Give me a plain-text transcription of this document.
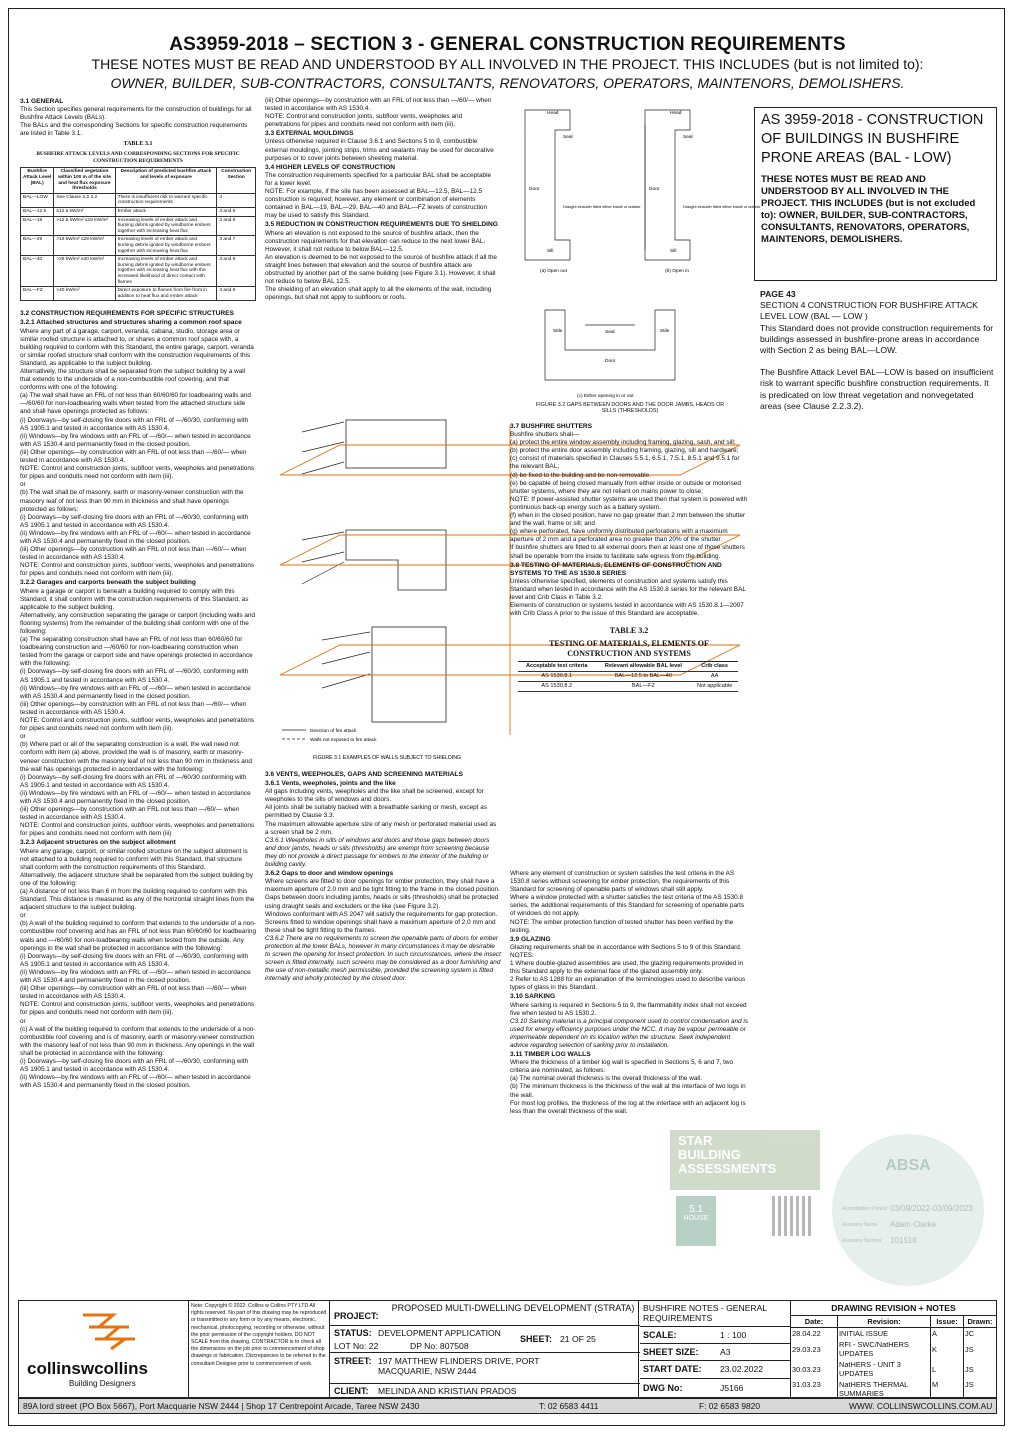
AS3959-2018 – SECTION 3 - GENERAL CONSTRUCTION REQUIREMENTS
THESE NOTES MUST BE READ AND UNDERSTOOD BY ALL INVOLVED IN THE PROJECT. THIS INCLUDES (but is not limited to):
OWNER, BUILDER, SUB-CONTRACTORS, CONSULTANTS, RENOVATORS, OPERATORS, MAINTENORS, DEMOLISHERS.
3.1 GENERAL

This Section specifies general requirements for the construction of buildings for all Bushfire Attack Levels (BALs).

The BALs and the corresponding Sections for specific construction requirements are listed in Table 3.1.

TABLE 3.1
BUSHFIRE ATTACK LEVELS AND CORRESPONDING SECTIONS FOR SPECIFIC CONSTRUCTION REQUIREMENTS
Bushfire Attack Level (BAL)	Classified vegetation within 100 m of the site and heat flux exposure thresholds	Description of predicted bushfire attack and levels of exposure	Construction Section
BAL—LOW	See Clause 2.2.3.2	There is insufficient risk to warrant specific construction requirements	4
BAL—12.5	≤12.5 kW/m²	Ember attack	3 and 5
BAL—19	>12.5 kW/m² ≤19 kW/m²	Increasing levels of ember attack and burning debris ignited by windborne embers together with increasing heat flux	3 and 6
BAL—29	>19 kW/m² ≤29 kW/m²	Increasing levels of ember attack and burning debris ignited by windborne embers together with increasing heat flux	3 and 7
BAL—40	>29 kW/m² ≤40 kW/m²	Increasing levels of ember attack and burning debris ignited by windborne embers together with increasing heat flux with the increased likelihood of direct contact with flames	3 and 8
BAL—FZ	>40 kW/m²	Direct exposure to flames from fire front in addition to heat flux and ember attack	3 and 9
3.2 CONSTRUCTION REQUIREMENTS FOR SPECIFIC STRUCTURES
3.2.1 Attached structures and structures sharing a common roof space

Where any part of a garage, carport, veranda, cabana, studio, storage area or similar roofed structure is attached to, or shares a common roof space with, a building required to conform with this Standard, the entire garage, carport, veranda or similar roofed structure shall conform with the construction requirements of this Standard, as applicable to the subject building.

Alternatively, the structure shall be separated from the subject building by a wall that extends to the underside of a non-combustible roof covering, and that conforms with one of the following:

(a) The wall shall have an FRL of not less than 60/60/60 for loadbearing walls and —/60/60 for non-loadbearing walls when tested from the attached structure side and shall have openings protected as follows:

(i) Doorways—by self-closing fire doors with an FRL of —/60/30, conforming with AS 1905.1 and tested in accordance with AS 1530.4.

(ii) Windows—by fire windows with an FRL of —/60/— when tested in accordance with AS 1530.4 and permanently fixed in the closed position.

(iii) Other openings—by construction with an FRL of not less than —/60/— when tested in accordance with AS 1530.4.

NOTE: Control and construction joints, subfloor vents, weepholes and penetrations for pipes and conduits need not conform with item (iii).

or

(b) The wall shall be of masonry, earth or masonry-veneer construction with the masonry leaf of not less than 90 mm in thickness and shall have openings protected as follows:

(i) Doorways—by self-closing fire doors with an FRL of —/60/30, conforming with AS 1905.1 and tested in accordance with AS 1530.4.

(ii) Windows—by fire windows with an FRL of —/60/— when tested in accordance with AS 1530.4 and permanently fixed in the closed position.

(iii) Other openings—by construction with an FRL of not less than —/60/— when tested in accordance with AS 1530.4.

NOTE: Control and construction joints, subfloor vents, weepholes and penetrations for pipes and conduits need not conform with item (iii).

3.2.2 Garages and carports beneath the subject building

Where a garage or carport is beneath a building required to comply with this Standard, it shall conform with the construction requirements of this Standard, as applicable to the subject building.

Alternatively, any construction separating the garage or carport (including walls and flooring systems) from the remainder of the building shall conform with one of the following:

(a) The separating construction shall have an FRL of not less than 60/60/60 for loadbearing construction and —/60/60 for non-loadbearing construction when tested from the garage or carport side and have openings protected in accordance with the following:

(i) Doorways—by self-closing fire doors with an FRL of —/60/30, conforming with AS 1905.1 and tested in accordance with AS 1530.4.

(ii) Windows—by fire windows with an FRL of —/60/— when tested in accordance with AS 1530.4 and permanently fixed in the closed position.

(iii) Other openings—by construction with an FRL of not less than —/60/— when tested in accordance with AS 1530.4.

NOTE: Control and construction joints, subfloor vents, weepholes and penetrations for pipes and conduits need not conform with item (iii).

or

(b) Where part or all of the separating construction is a wall, the wall need not conform with item (a) above, provided the wall is of masonry, earth or masonry-veneer construction with the masonry leaf of not less than 90 mm in thickness and the wall has openings protected in accordance with the following:

(i) Doorways—by self-closing fire doors with an FRL of —/60/30 conforming with AS 1905.1 and tested in accordance with AS 1530.4.

(ii) Windows—by fire windows with an FRL of —/60/— when tested in accordance with AS 1530.4 and permanently fixed in the closed position.

(iii) Other openings—by construction with an FRL not less than —/60/— when tested in accordance with AS 1530.4.

NOTE: Control and construction joints, subfloor vents, weepholes and penetrations for pipes and conduits need not conform with item (iii)

3.2.3 Adjacent structures on the subject allotment

Where any garage, carport, or similar roofed structure on the subject allotment is not attached to a building required to conform with this Standard, that structure shall conform with the construction requirements of this Standard.

Alternatively, the adjacent structure shall be separated from the subject building by one of the following:

(a) A distance of not less than 6 m from the building required to conform with this Standard. This distance is measured as any of the horizontal straight lines from the adjacent structure to the subject building.

or

(b) A wall of the building required to conform that extends to the underside of a non-combustible roof covering and has an FRL of not less than 60/60/60 for loadbearing walls and —/60/60 for non-loadbearing walls when tested from the outside. Any openings in the wall shall be protected in accordance with the following:

(i) Doorways—by self-closing fire doors with an FRL of —/60/30, conforming with AS 1905.1 and tested in accordance with AS 1530.4.

(ii) Windows—by fire windows with an FRL of —/60/— when tested in accordance with AS 1530.4 and permanently fixed in the closed position.

(iii) Other openings—by construction with an FRL of not less than —/60/— when tested in accordance with AS 1530.4.

NOTE: Control and construction joints, subfloor vents, weepholes and penetrations for pipes and conduits need not conform with item (iii).

or

(c) A wall of the building required to conform that extends to the underside of a non-combustible roof covering and is of masonry, earth or masonry-veneer construction with the masonry leaf of not less than 90 mm in thickness. Any openings in the wall shall be protected in accordance with the following:

(i) Doorways—by self-closing fire doors with an FRL of —/60/30, conforming with AS 1905.1 and tested in accordance with AS 1530.4.

(ii) Windows—by fire windows with an FRL of —/60/— when tested in accordance with AS 1530.4 and permanently fixed in the closed position.

(iii) Other openings—by construction with an FRL of not less than —/60/— when tested in accordance with AS 1530.4.

NOTE: Control and construction joints, subfloor vents, weepholes and penetrations for pipes and conduits need not conform with item (iii).

3.3 EXTERNAL MOULDINGS

Unless otherwise required in Clause 3.6.1 and Sections 5 to 9, combustible external mouldings, jointing strips, trims and sealants may be used for decorative purposes or to cover joints between sheeting material.

3.4 HIGHER LEVELS OF CONSTRUCTION

The construction requirements specified for a particular BAL shall be acceptable for a lower level.

NOTE: For example, if the site has been assessed at BAL—12.5, BAL—12.5 construction is required; however, any element or combination of elements contained in BAL—19, BAL—29, BAL—40 and BAL—FZ levels of construction may be used to satisfy this Standard.

3.5 REDUCTION IN CONSTRUCTION REQUIREMENTS DUE TO SHIELDING

Where an elevation is not exposed to the source of bushfire attack, then the construction requirements for that elevation can reduce to the next lower BAL. However, it shall not reduce to below BAL—12.5.

An elevation is deemed to be not exposed to the source of bushfire attack if all the straight lines between that elevation and the source of bushfire attack are obstructed by another part of the same building (see Figure 3.1). However, it shall not reduce to below BAL 12.5.

The shielding of an elevation shall apply to all the elements of the wall, including openings, but shall not apply to subfloors or roofs.

Direction of fire attack
Walls not exposed to fire attack
FIGURE 3.1 EXAMPLES OF WALLS SUBJECT TO SHIELDING
3.6 VENTS, WEEPHOLES, GAPS AND SCREENING MATERIALS
3.6.1 Vents, weepholes, joints and the like

All gaps including vents, weepholes and the like shall be screened, except for weepholes to the sills of windows and doors.

All joints shall be suitably backed with a breathable sarking or mesh, except as permitted by Clause 3.3.

The maximum allowable aperture size of any mesh or perforated material used as a screen shall be 2 mm.

C3.6.1 Weepholes in sills of windows and doors and those gaps between doors and door jambs, heads or sills (thresholds) are exempt from screening because they do not provide a direct passage for embers to the interior of the building or building cavity.

3.6.2 Gaps to door and window openings

Where screens are fitted to door openings for ember protection, they shall have a maximum aperture of 2.0 mm and be tight fitting to the frame in the closed position.

Gaps between doors including jambs, heads or sills (thresholds) shall be protected using draught seals and excluders or the like (see Figure 3.2).

Windows conformant with AS 2047 will satisfy the requirements for gap protection.

Screens fitted to window openings shall have a maximum aperture of 2.0 mm and these shall be tight fitting to the frames.

C3.6.2 There are no requirements to screen the openable parts of doors for ember protection at the lower BALs, however in many circumstances it may be desirable to screen the opening for insect protection. In such circumstances, where the insect screen is fitted internally, such screens may be considered as a door furnishing and the use of non-metallic mesh permissible, provided the screening system is fitted internally and wholly protected by the closed door.

Head
Seal
Door
Draught excluder fitted either inside or outside
Sill
Head
Seal
Door
Draught excluder fitted either inside or outside
Sill
(a) Open out	(b) Open in
Stile	Stile
Seal
Door
(c) Either opening in or out
FIGURE 3.2 GAPS BETWEEN DOORS AND THE DOOR JAMBS, HEADS OR SILLS (THRESHOLDS)
3.7 BUSHFIRE SHUTTERS

Bushfire shutters shall—

(a) protect the entire window assembly including framing, glazing, sash, and sill;

(b) protect the entire door assembly including framing, glazing, sill and hardware;

(c) consist of materials specified in Clauses 5.5.1, 6.5.1, 7.5.1, 8.5.1 and 9.5.1 for the relevant BAL;

(d) be fixed to the building and be non-removable.

(e) be capable of being closed manually from either inside or outside or motorised shutter systems, where they are not reliant on mains power to close;

NOTE: If power-assisted shutter systems are used then that system is powered with continuous back-up energy such as a battery system.

(f) when in the closed position, have no gap greater than 2 mm between the shutter and the wall, frame or sill; and

(g) where perforated, have uniformly distributed perforations with a maximum aperture of 2 mm and a perforated area no greater than 20% of the shutter.

If bushfire shutters are fitted to all external doors then at least one of those shutters shall be operable from the inside to facilitate safe egress from the building.

3.8 TESTING OF MATERIALS, ELEMENTS OF CONSTRUCTION AND SYSTEMS TO THE AS 1530.8 SERIES

Unless otherwise specified, elements of construction and systems satisfy this Standard when tested in accordance with the AS 1530.8 series for the relevant BAL level and Crib Class in Table 3.2.

Elements of construction or systems tested in accordance with AS 1530.8.1—2007 with Crib Class A prior to the issue of this Standard are acceptable.

TABLE 3.2
TESTING OF MATERIALS, ELEMENTS OF CONSTRUCTION AND SYSTEMS
Acceptable test criteria	Relevant allowable BAL level	Crib class
AS 1530.8.1	BAL—12.5 to BAL—40	AA
AS 1530.8.2	BAL—FZ	Not applicable

Where any element of construction or system satisfies the test criteria in the AS 1530.8 series without screening for ember protection, the requirements of this Standard for screening of openable parts of windows shall still apply.

Where a window protected with a shutter satisfies the test criteria of the AS 1530.8 series, the additional requirements of this Standard for screening of openable parts of windows do not apply.

NOTE: The ember protection function of tested shutter has been verified by the testing.

3.9 GLAZING

Glazing requirements shall be in accordance with Sections 5 to 9 of this Standard.

NOTES:

1 Where double-glazed assemblies are used, the glazing requirements provided in this Standard apply to the external face of the glazed assembly only.

2 Refer to AS 1288 for an explanation of the terminologies used to describe various types of glass in this Standard.

3.10 SARKING

Where sarking is required in Sections 5 to 9, the flammability index shall not exceed five when tested to AS 1530.2.

C3.10 Sarking material is a principal component used to control condensation and is used for energy efficiency purposes under the NCC. It may be vapour permeable or impermeable dependent on its location within the structure. Seek independent advice regarding selection of sarking prior to installation.

3.11 TIMBER LOG WALLS

Where the thickness of a timber log wall is specified in Sections 5, 6 and 7, two criteria are nominated, as follows:

(a) The nominal overall thickness is the overall thickness of the wall.

(b) The minimum thickness is the thickness of the wall at the interface of two logs in the wall.

For most log profiles, the thickness of the log at the interface with an adjacent log is less than the overall thickness of the wall.

AS 3959-2018 - CONSTRUCTION OF BUILDINGS IN BUSHFIRE PRONE AREAS (BAL - LOW)
THESE NOTES MUST BE READ AND UNDERSTOOD BY ALL INVOLVED IN THE PROJECT. THIS INCLUDES (but is not excluded to): OWNER, BUILDER, SUB-CONTRACTORS, CONSULTANTS, RENOVATORS, OPERATORS, MAINTENORS, DEMOLISHERS.

PAGE 43

SECTION 4 CONSTRUCTION FOR BUSHFIRE ATTACK LEVEL LOW (BAL — LOW )

This Standard does not provide construction requirements for buildings assessed in bushfire-prone areas in accordance with Section 2 as being BAL—LOW.

The Bushfire Attack Level BAL—LOW is based on insufficient risk to warrant specific bushfire construction requirements. It is predicated on low threat vegetation and nonvegetated areas (see Clause 2.2.3.2).

STAR
BUILDING
ASSESSMENTS
5.1
HOUSE
ABSA
Accreditation Period 03/09/2022-03/09/2023
Assessor Name Adam Clarke
Assessor Number 101518
collinswcollins
Building Designers
Note: Copyright © 2022: Collins w Collins PTY LTD All rights reserved. No part of this drawing may be reproduced or transmitted in any form or by any means, electronic, mechanical, photocopying, recording or otherwise, without the prior permission of the copyright holders. DO NOT SCALE from this drawing. CONTRACTOR is to check all the dimensions on the job prior to commencement of shop drawings or fabrication. Discrepancies to be referred to the consultant Designer prior to commencement of work.
PROJECT:
PROPOSED MULTI-DWELLING DEVELOPMENT (STRATA)
STATUS: DEVELOPMENT APPLICATION
LOT No: 22	DP No: 807508
SHEET: 21 OF 25
STREET: 197 MATTHEW FLINDERS DRIVE, PORT MACQUARIE, NSW 2444
CLIENT: MELINDA AND KRISTIAN PRADOS
BUSHFIRE NOTES - GENERAL REQUIREMENTS
SCALE:	1 : 100
SHEET SIZE: A3
START DATE: 23.02.2022
DWG No:	J5166
DRAWING REVISION + NOTES
Date:	Revision:	Issue:	Drawn:
28.04.22	INITIAL ISSUE	A	JC
29.03.23	RFI - SWC/NatHERS UPDATES	K	JS
30.03.23	NatHERS - UNIT 3 UPDATES	L	JS
31.03.23	NatHERS THERMAL SUMMARIES	M	JS
89A lord street (PO Box 5667), Port Macquarie NSW 2444 | Shop 17 Centrepoint Arcade, Taree NSW 2430	T: 02 6583 4411	F: 02 6583 9820	WWW. COLLINSWCOLLINS.COM.AU
